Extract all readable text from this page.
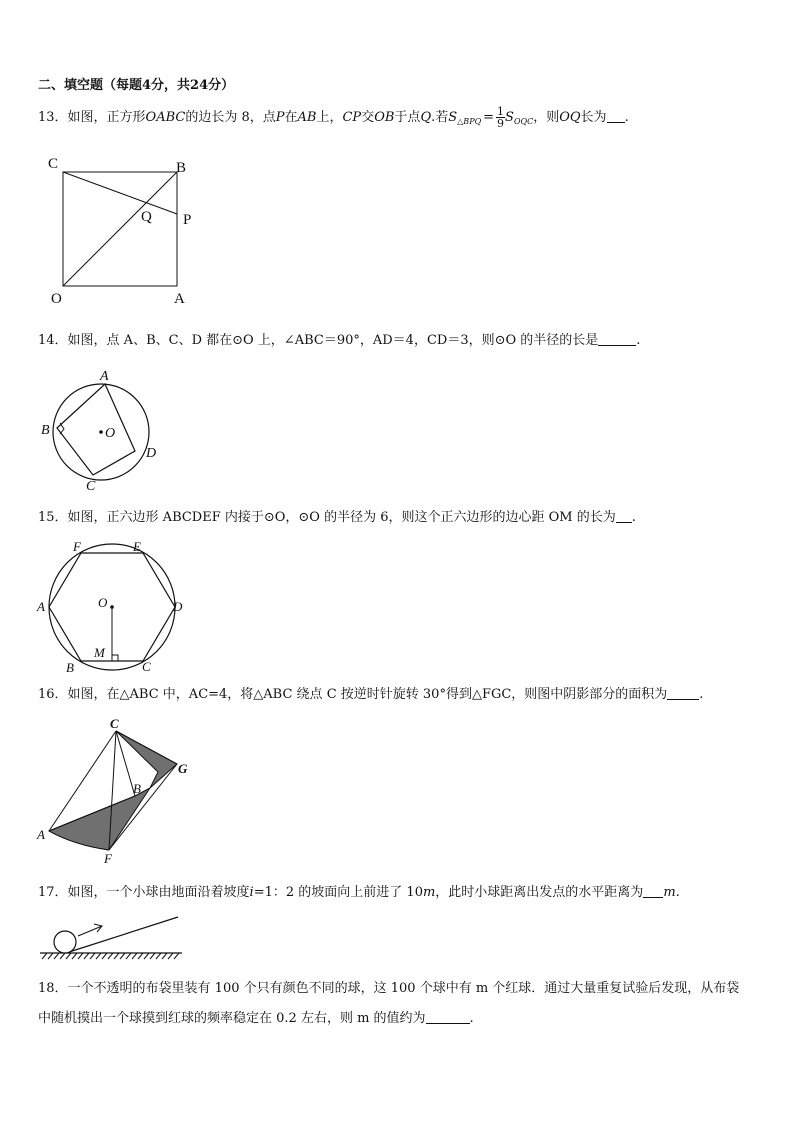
二、填空题（每题4分，共24分）
13．如图，正方形OABC的边长为 8，点P在AB上，CP交OB于点Q.若$S_{\triangle BPQ} = \frac{1}{9} S_{OQC}$，则OQ长为 .
C	B
Q P
O	A
14．如图，点 A、B、C、D 都在⊙O 上，∠ABC＝90°，AD＝4，CD＝3，则⊙O 的半径的长是	.
A
B	O
D
C
15．如图，正六边形 ABCDEF 内接于⊙O，⊙O 的半径为 6，则这个正六边形的边心距 OM 的长为 .
F	E
A	O	D
M
B	C
16．如图，在△ABC 中，AC=4，将△ABC 绕点 C 按逆时针旋转 30°得到△FGC，则图中阴影部分的面积为 .
C
G
B
A
F
17．如图，一个小球由地面沿着坡度i=1：2 的坡面向上前进了 10m，此时小球距离出发点的水平距离为 m.
18．一个不透明的布袋里装有 100 个只有颜色不同的球，这 100 个球中有 m 个红球．通过大量重复试验后发现，从布袋
中随机摸出一个球摸到红球的频率稳定在 0.2 左右，则 m 的值约为	.
